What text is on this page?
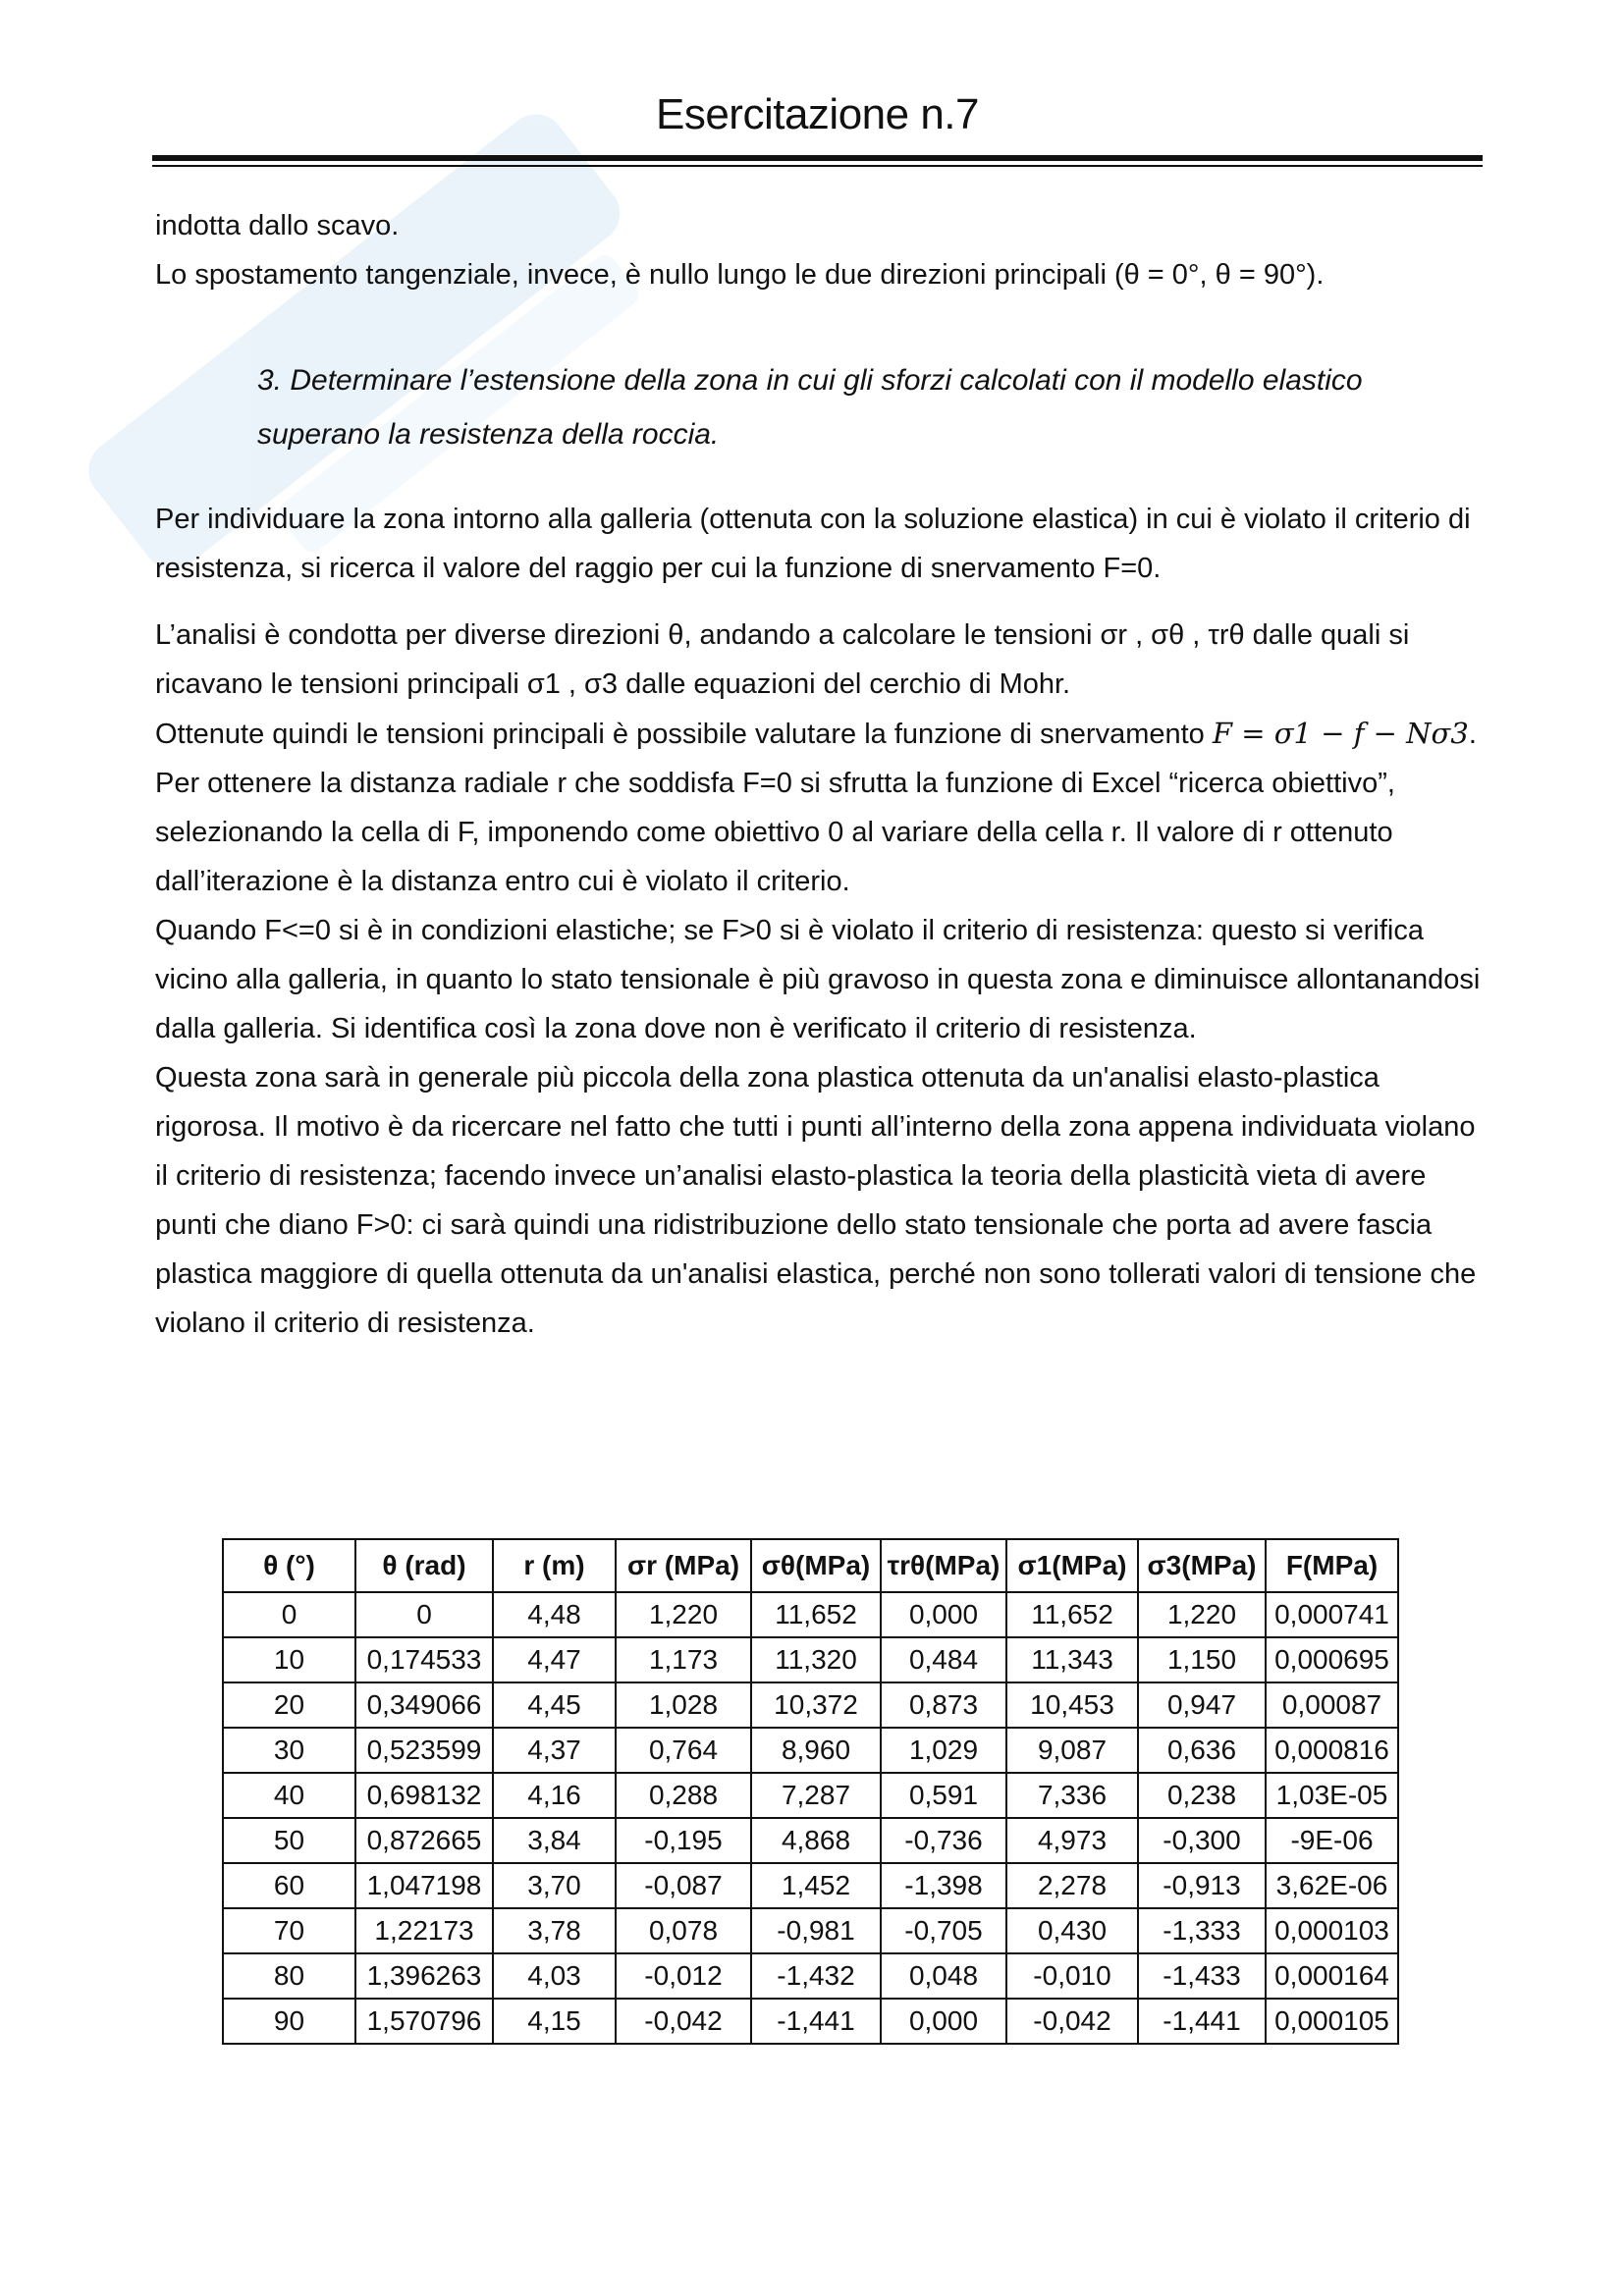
Esercitazione n.7

indotta dallo scavo.

Lo spostamento tangenziale, invece, è nullo lungo le due direzioni principali (θ = 0°, θ = 90°).

3. Determinare l’estensione della zona in cui gli sforzi calcolati con il modello elastico superano la resistenza della roccia.

Per individuare la zona intorno alla galleria (ottenuta con la soluzione elastica) in cui è violato il criterio di resistenza, si ricerca il valore del raggio per cui la funzione di snervamento F=0.

L’analisi è condotta per diverse direzioni θ, andando a calcolare le tensioni σr , σθ , τrθ dalle quali si ricavano le tensioni principali σ1 , σ3 dalle equazioni del cerchio di Mohr.

Ottenute quindi le tensioni principali è possibile valutare la funzione di snervamento F = σ1 − f − Nσ3. Per ottenere la distanza radiale r che soddisfa F=0 si sfrutta la funzione di Excel “ricerca obiettivo”, selezionando la cella di F, imponendo come obiettivo 0 al variare della cella r. Il valore di r ottenuto dall’iterazione è la distanza entro cui è violato il criterio.

Quando F<=0 si è in condizioni elastiche; se F>0 si è violato il criterio di resistenza: questo si verifica vicino alla galleria, in quanto lo stato tensionale è più gravoso in questa zona e diminuisce allontanandosi dalla galleria. Si identifica così la zona dove non è verificato il criterio di resistenza.

Questa zona sarà in generale più piccola della zona plastica ottenuta da un'analisi elasto-plastica rigorosa. Il motivo è da ricercare nel fatto che tutti i punti all’interno della zona appena individuata violano il criterio di resistenza; facendo invece un’analisi elasto-plastica la teoria della plasticità vieta di avere punti che diano F>0: ci sarà quindi una ridistribuzione dello stato tensionale che porta ad avere fascia plastica maggiore di quella ottenuta da un'analisi elastica, perché non sono tollerati valori di tensione che violano il criterio di resistenza.

θ (°)	θ (rad)	r (m)	σr (MPa)	σθ(MPa)	τrθ(MPa)	σ1(MPa)	σ3(MPa)	F(MPa)
0	0	4,48	1,220	11,652	0,000	11,652	1,220	0,000741
10	0,174533	4,47	1,173	11,320	0,484	11,343	1,150	0,000695
20	0,349066	4,45	1,028	10,372	0,873	10,453	0,947	0,00087
30	0,523599	4,37	0,764	8,960	1,029	9,087	0,636	0,000816
40	0,698132	4,16	0,288	7,287	0,591	7,336	0,238	1,03E-05
50	0,872665	3,84	-0,195	4,868	-0,736	4,973	-0,300	-9E-06
60	1,047198	3,70	-0,087	1,452	-1,398	2,278	-0,913	3,62E-06
70	1,22173	3,78	0,078	-0,981	-0,705	0,430	-1,333	0,000103
80	1,396263	4,03	-0,012	-1,432	0,048	-0,010	-1,433	0,000164
90	1,570796	4,15	-0,042	-1,441	0,000	-0,042	-1,441	0,000105
